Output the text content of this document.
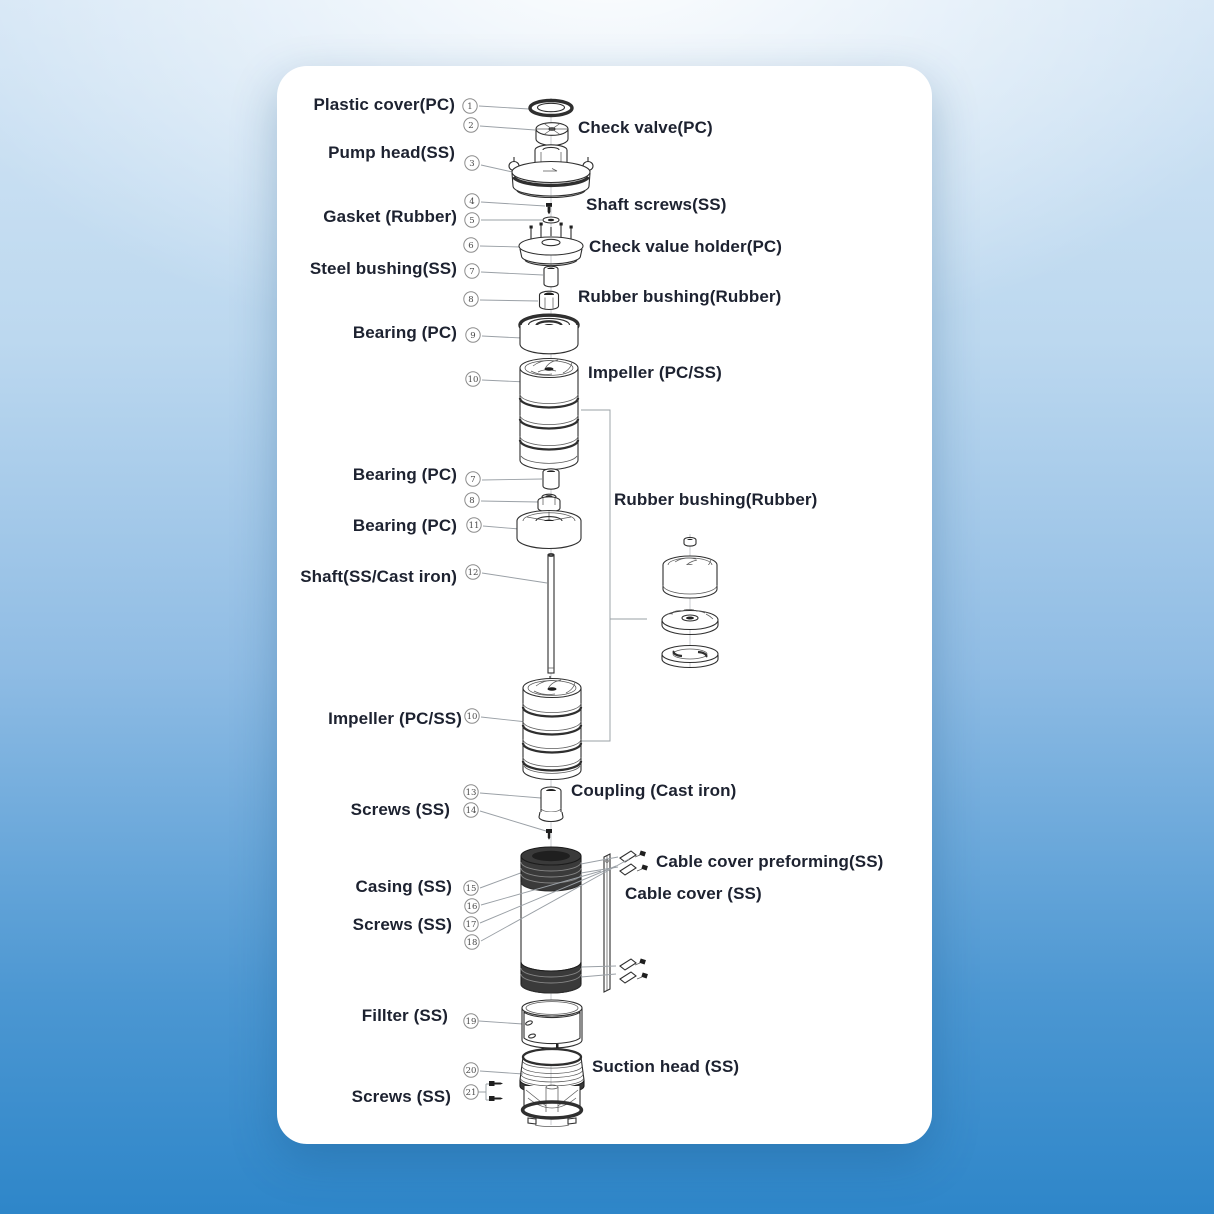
1
2
3
4
5
6
7
8
9
10
7
8
11
12
10
13
14
15
16
17
18
19
20
21
Plastic cover(PC)
Check valve(PC)
Pump head(SS)
Shaft screws(SS)
Gasket (Rubber)
Check value holder(PC)
Steel bushing(SS)
Rubber bushing(Rubber)
Bearing (PC)
Impeller (PC/SS)
Bearing (PC)
Rubber bushing(Rubber)
Bearing (PC)
Shaft(SS/Cast iron)
Impeller (PC/SS)
Coupling (Cast iron)
Screws (SS)
Cable cover preforming(SS)
Casing (SS)	Cable cover (SS)
Screws (SS)
Fillter (SS)
Suction head (SS)
Screws (SS)
